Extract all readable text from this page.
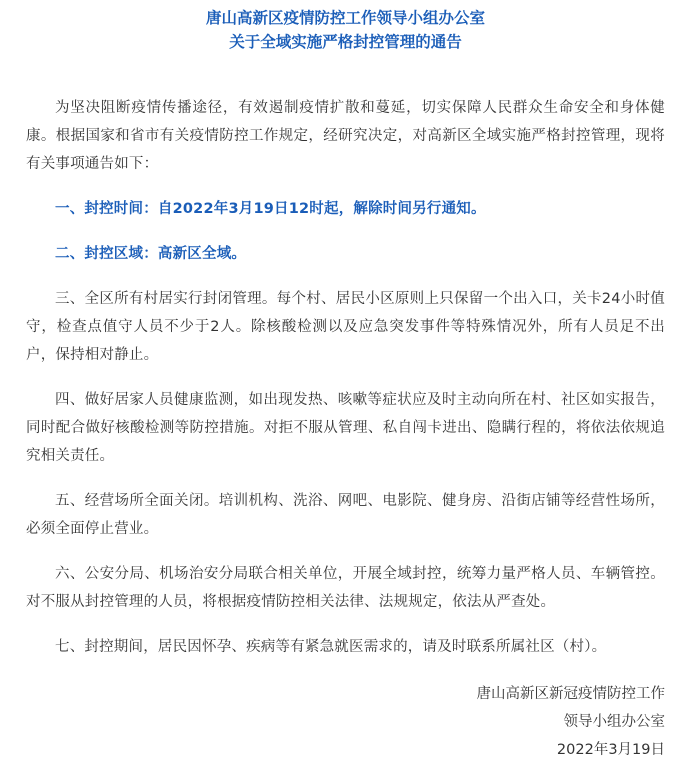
唐山高新区疫情防控工作领导小组办公室
关于全域实施严格封控管理的通告

为坚决阻断疫情传播途径，有效遏制疫情扩散和蔓延，切实保障人民群众生命安全和身体健康。根据国家和省市有关疫情防控工作规定，经研究决定，对高新区全域实施严格封控管理，现将有关事项通告如下：

一、封控时间：自2022年3月19日12时起，解除时间另行通知。

二、封控区域：高新区全域。

三、全区所有村居实行封闭管理。每个村、居民小区原则上只保留一个出入口，关卡24小时值守，检查点值守人员不少于2人。除核酸检测以及应急突发事件等特殊情况外，所有人员足不出户，保持相对静止。

四、做好居家人员健康监测，如出现发热、咳嗽等症状应及时主动向所在村、社区如实报告，同时配合做好核酸检测等防控措施。对拒不服从管理、私自闯卡进出、隐瞒行程的，将依法依规追究相关责任。

五、经营场所全面关闭。培训机构、洗浴、网吧、电影院、健身房、沿街店铺等经营性场所，必须全面停止营业。

六、公安分局、机场治安分局联合相关单位，开展全域封控，统筹力量严格人员、车辆管控。对不服从封控管理的人员，将根据疫情防控相关法律、法规规定，依法从严查处。

七、封控期间，居民因怀孕、疾病等有紧急就医需求的，请及时联系所属社区（村）。

唐山高新区新冠疫情防控工作
领导小组办公室
2022年3月19日
